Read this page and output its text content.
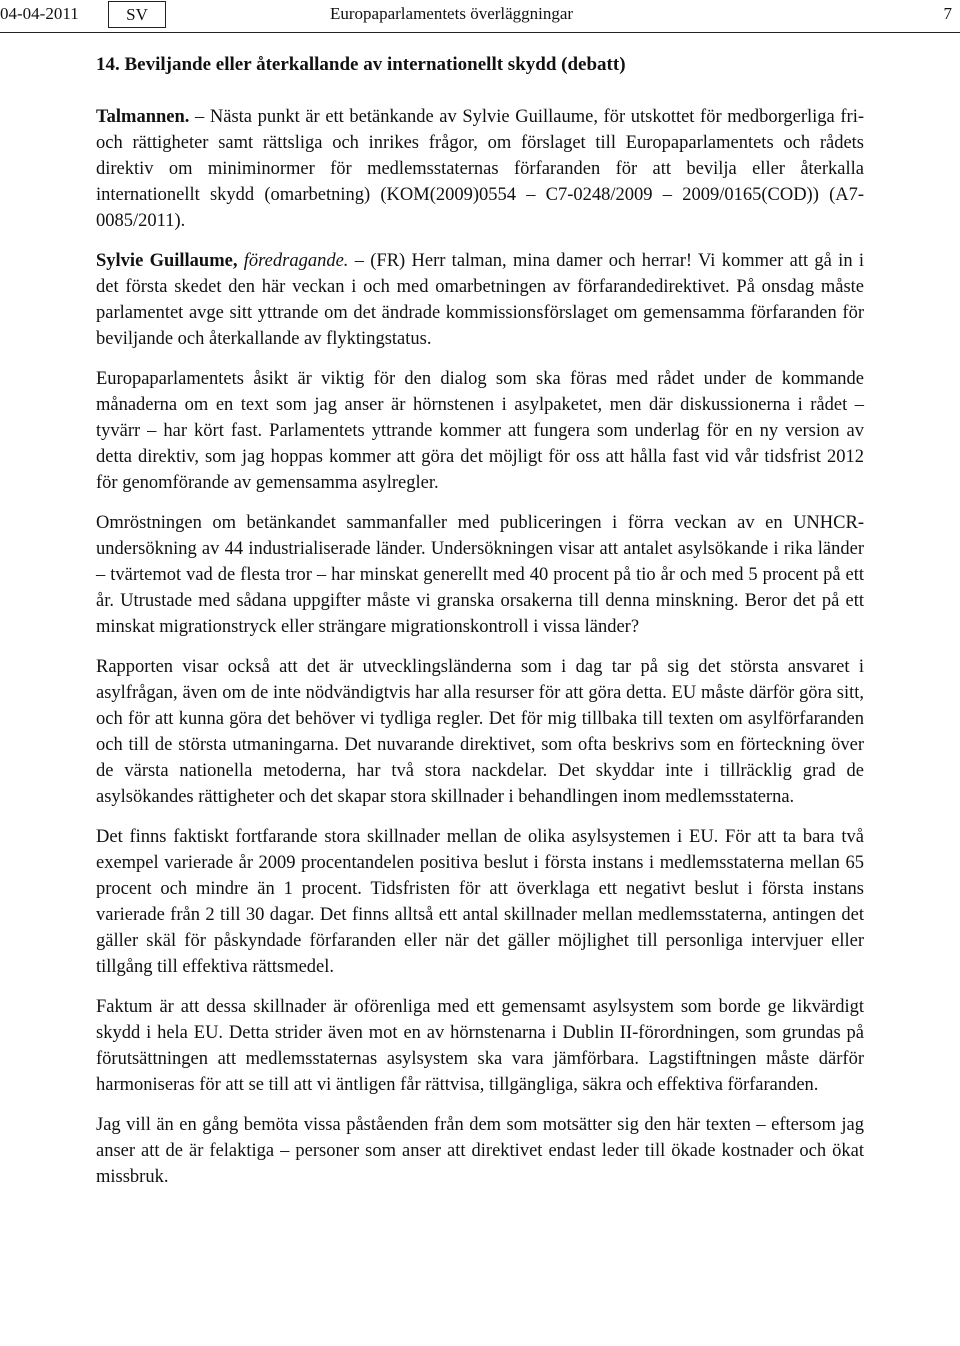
04-04-2011	SV	Europaparlamentets överläggningar	7
14. Beviljande eller återkallande av internationellt skydd (debatt)

Talmannen. – Nästa punkt är ett betänkande av Sylvie Guillaume, för utskottet för medborgerliga fri- och rättigheter samt rättsliga och inrikes frågor, om förslaget till Europaparlamentets och rådets direktiv om miniminormer för medlemsstaternas förfaranden för att bevilja eller återkalla internationellt skydd (omarbetning) (KOM(2009)0554 – C7-0248/2009 – 2009/0165(COD)) (A7-0085/2011).

Sylvie Guillaume, föredragande. – (FR) Herr talman, mina damer och herrar! Vi kommer att gå in i det första skedet den här veckan i och med omarbetningen av förfarandedirektivet. På onsdag måste parlamentet avge sitt yttrande om det ändrade kommissionsförslaget om gemensamma förfaranden för beviljande och återkallande av flyktingstatus.

Europaparlamentets åsikt är viktig för den dialog som ska föras med rådet under de kommande månaderna om en text som jag anser är hörnstenen i asylpaketet, men där diskussionerna i rådet – tyvärr – har kört fast. Parlamentets yttrande kommer att fungera som underlag för en ny version av detta direktiv, som jag hoppas kommer att göra det möjligt för oss att hålla fast vid vår tidsfrist 2012 för genomförande av gemensamma asylregler.

Omröstningen om betänkandet sammanfaller med publiceringen i förra veckan av en UNHCR-undersökning av 44 industrialiserade länder. Undersökningen visar att antalet asylsökande i rika länder – tvärtemot vad de flesta tror – har minskat generellt med 40 procent på tio år och med 5 procent på ett år. Utrustade med sådana uppgifter måste vi granska orsakerna till denna minskning. Beror det på ett minskat migrationstryck eller strängare migrationskontroll i vissa länder?

Rapporten visar också att det är utvecklingsländerna som i dag tar på sig det största ansvaret i asylfrågan, även om de inte nödvändigtvis har alla resurser för att göra detta. EU måste därför göra sitt, och för att kunna göra det behöver vi tydliga regler. Det för mig tillbaka till texten om asylförfaranden och till de största utmaningarna. Det nuvarande direktivet, som ofta beskrivs som en förteckning över de värsta nationella metoderna, har två stora nackdelar. Det skyddar inte i tillräcklig grad de asylsökandes rättigheter och det skapar stora skillnader i behandlingen inom medlemsstaterna.

Det finns faktiskt fortfarande stora skillnader mellan de olika asylsystemen i EU. För att ta bara två exempel varierade år 2009 procentandelen positiva beslut i första instans i medlemsstaterna mellan 65 procent och mindre än 1 procent. Tidsfristen för att överklaga ett negativt beslut i första instans varierade från 2 till 30 dagar. Det finns alltså ett antal skillnader mellan medlemsstaterna, antingen det gäller skäl för påskyndade förfaranden eller när det gäller möjlighet till personliga intervjuer eller tillgång till effektiva rättsmedel.

Faktum är att dessa skillnader är oförenliga med ett gemensamt asylsystem som borde ge likvärdigt skydd i hela EU. Detta strider även mot en av hörnstenarna i Dublin II-förordningen, som grundas på förutsättningen att medlemsstaternas asylsystem ska vara jämförbara. Lagstiftningen måste därför harmoniseras för att se till att vi äntligen får rättvisa, tillgängliga, säkra och effektiva förfaranden.

Jag vill än en gång bemöta vissa påståenden från dem som motsätter sig den här texten – eftersom jag anser att de är felaktiga – personer som anser att direktivet endast leder till ökade kostnader och ökat missbruk.
